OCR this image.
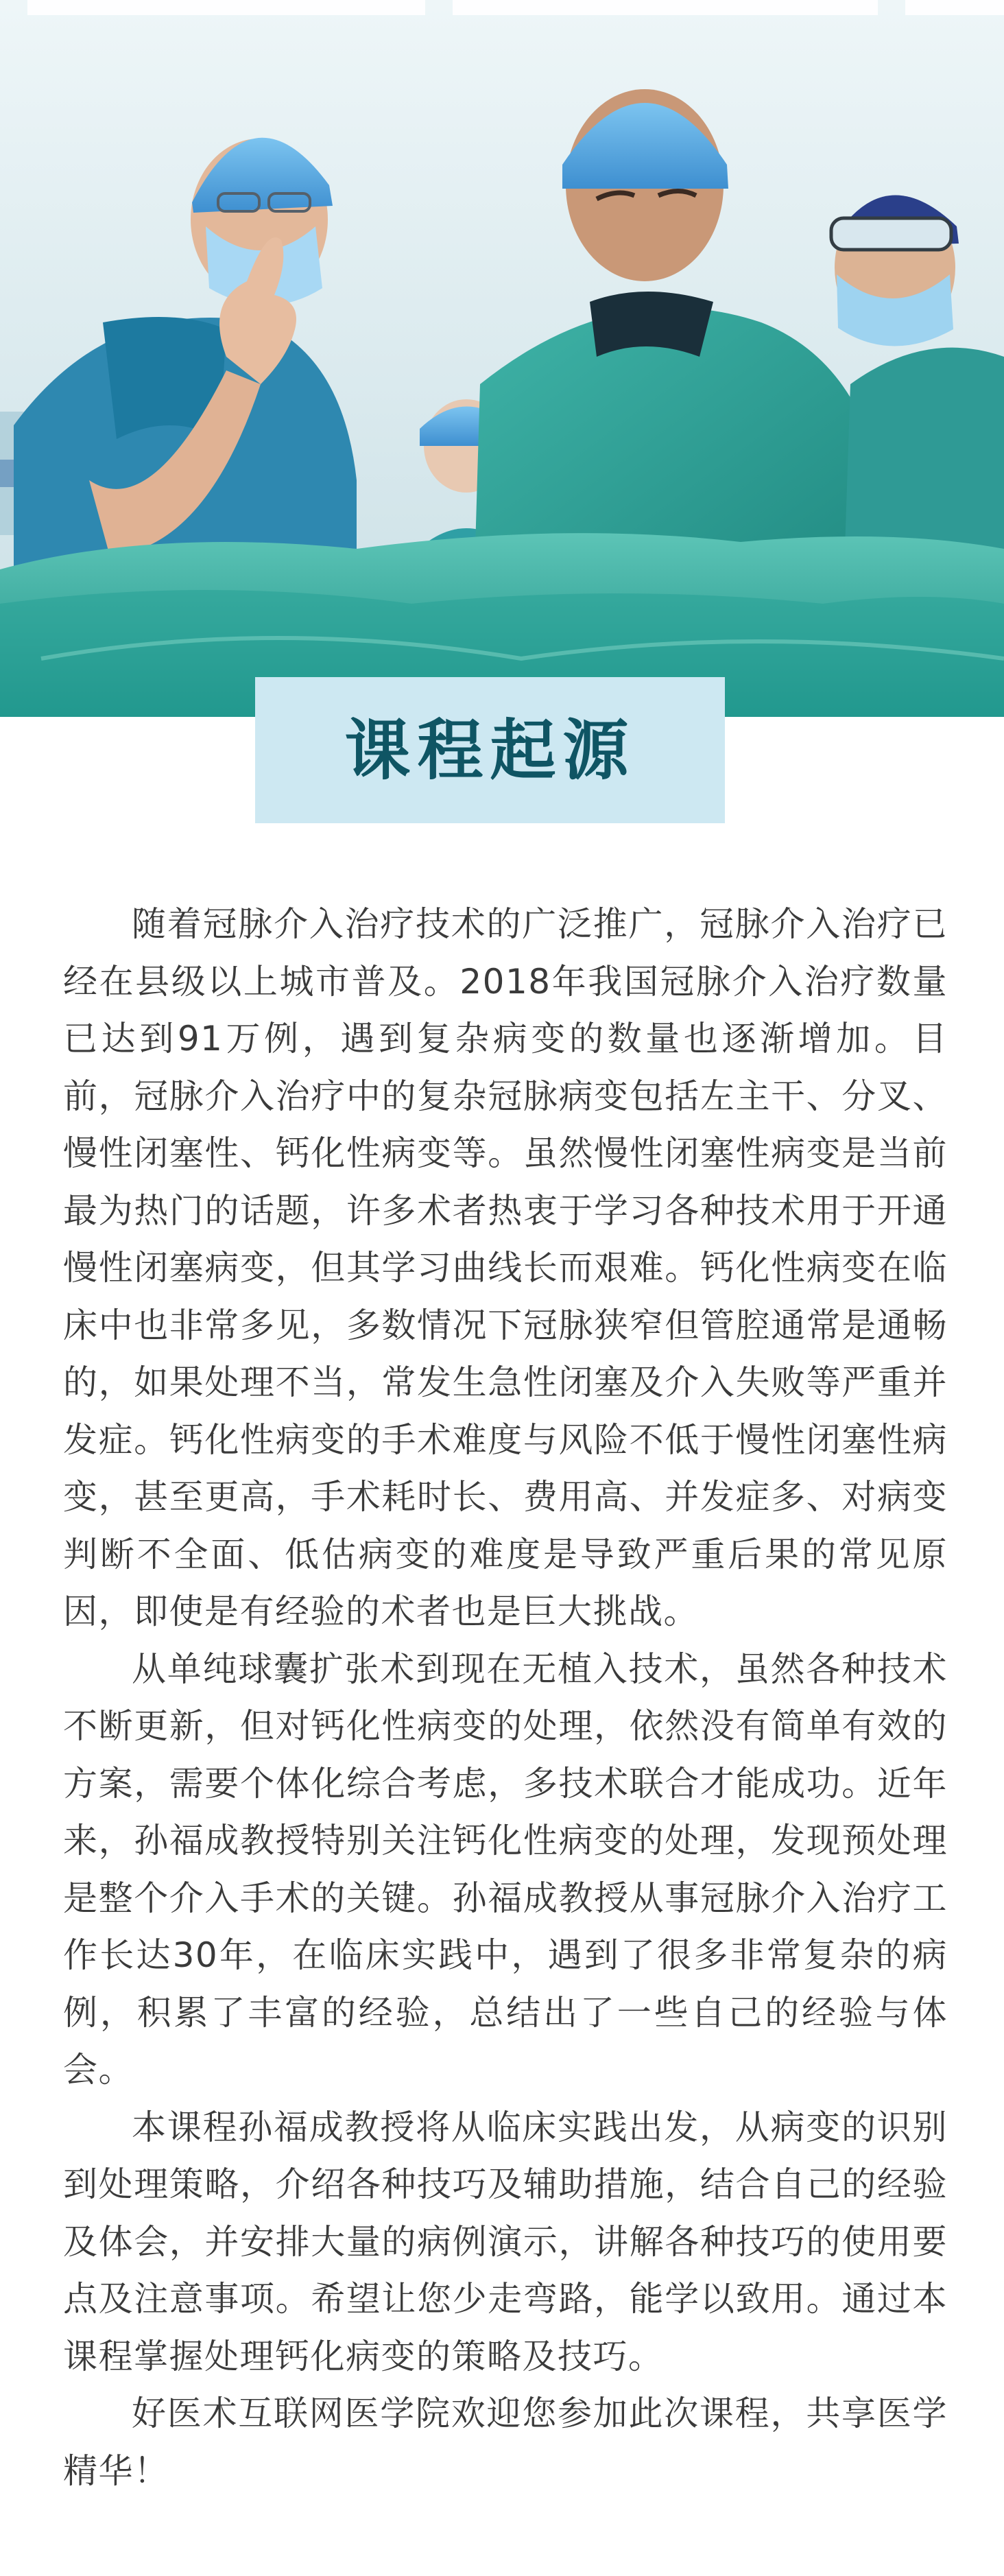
课程起源

随着冠脉介入治疗技术的广泛推广，冠脉介入治疗已经在县级以上城市普及。2018年我国冠脉介入治疗数量已达到91万例，遇到复杂病变的数量也逐渐增加。目前，冠脉介入治疗中的复杂冠脉病变包括左主干、分叉、慢性闭塞性、钙化性病变等。虽然慢性闭塞性病变是当前最为热门的话题，许多术者热衷于学习各种技术用于开通慢性闭塞病变，但其学习曲线长而艰难。钙化性病变在临床中也非常多见，多数情况下冠脉狭窄但管腔通常是通畅的，如果处理不当，常发生急性闭塞及介入失败等严重并发症。钙化性病变的手术难度与风险不低于慢性闭塞性病变，甚至更高，手术耗时长、费用高、并发症多、对病变判断不全面、低估病变的难度是导致严重后果的常见原因，即使是有经验的术者也是巨大挑战。

从单纯球囊扩张术到现在无植入技术，虽然各种技术不断更新，但对钙化性病变的处理，依然没有简单有效的方案，需要个体化综合考虑，多技术联合才能成功。近年来，孙福成教授特别关注钙化性病变的处理，发现预处理是整个介入手术的关键。孙福成教授从事冠脉介入治疗工作长达30年，在临床实践中，遇到了很多非常复杂的病例，积累了丰富的经验，总结出了一些自己的经验与体会。

本课程孙福成教授将从临床实践出发，从病变的识别到处理策略，介绍各种技巧及辅助措施，结合自己的经验及体会，并安排大量的病例演示，讲解各种技巧的使用要点及注意事项。希望让您少走弯路，能学以致用。通过本课程掌握处理钙化病变的策略及技巧。

好医术互联网医学院欢迎您参加此次课程，共享医学精华！
